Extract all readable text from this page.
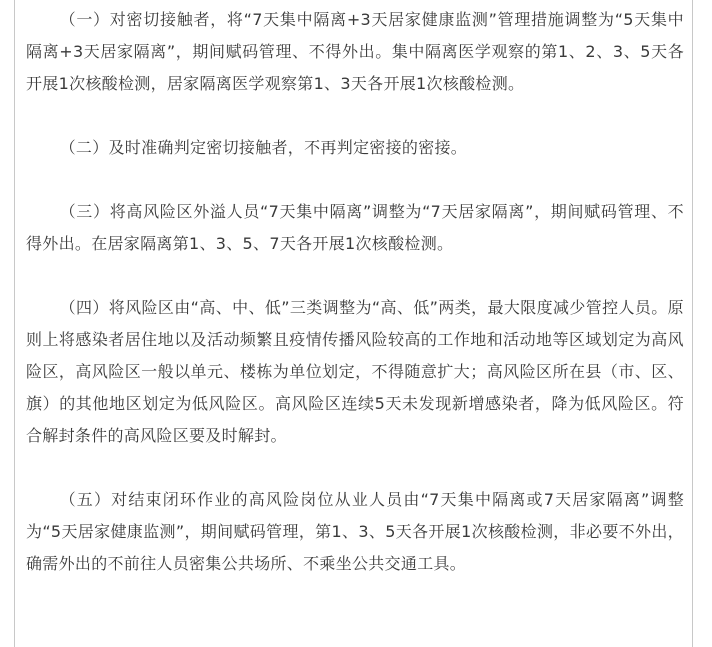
（一）对密切接触者，将“7天集中隔离+3天居家健康监测”管理措施调整为“5天集中隔离+3天居家隔离”，期间赋码管理、不得外出。集中隔离医学观察的第1、2、3、5天各开展1次核酸检测，居家隔离医学观察第1、3天各开展1次核酸检测。

（二）及时准确判定密切接触者，不再判定密接的密接。

（三）将高风险区外溢人员“7天集中隔离”调整为“7天居家隔离”，期间赋码管理、不得外出。在居家隔离第1、3、5、7天各开展1次核酸检测。

（四）将风险区由“高、中、低”三类调整为“高、低”两类，最大限度减少管控人员。原则上将感染者居住地以及活动频繁且疫情传播风险较高的工作地和活动地等区域划定为高风险区，高风险区一般以单元、楼栋为单位划定，不得随意扩大；高风险区所在县（市、区、旗）的其他地区划定为低风险区。高风险区连续5天未发现新增感染者，降为低风险区。符合解封条件的高风险区要及时解封。

（五）对结束闭环作业的高风险岗位从业人员由“7天集中隔离或7天居家隔离”调整为“5天居家健康监测”，期间赋码管理，第1、3、5天各开展1次核酸检测，非必要不外出，确需外出的不前往人员密集公共场所、不乘坐公共交通工具。
